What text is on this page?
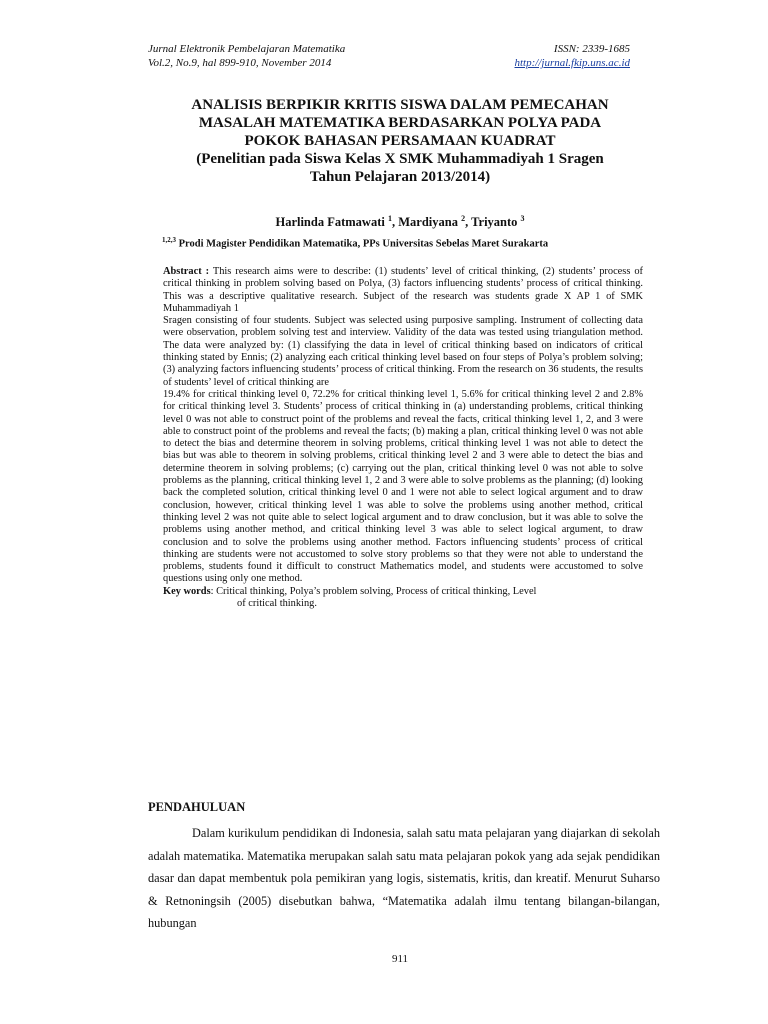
Jurnal Elektronik Pembelajaran Matematika
Vol.2, No.9, hal 899-910, November 2014
ISSN: 2339-1685
http://jurnal.fkip.uns.ac.id
ANALISIS BERPIKIR KRITIS SISWA DALAM PEMECAHAN
MASALAH MATEMATIKA BERDASARKAN POLYA PADA
POKOK BAHASAN PERSAMAAN KUADRAT
(Penelitian pada Siswa Kelas X SMK Muhammadiyah 1 Sragen
Tahun Pelajaran 2013/2014)
Harlinda Fatmawati $^1$, Mardiyana $^2$, Triyanto $^3$
$^{1,2,3}$ Prodi Magister Pendidikan Matematika, PPs Universitas Sebelas Maret Surakarta

Abstract : This research aims were to describe: (1) students’ level of critical thinking, (2) students’ process of critical thinking in problem solving based on Polya, (3) factors influencing students’ process of critical thinking. This was a descriptive qualitative research. Subject of the research was students grade X AP 1 of SMK Muhammadiyah 1

Sragen consisting of four students. Subject was selected using purposive sampling. Instrument of collecting data were observation, problem solving test and interview. Validity of the data was tested using triangulation method. The data were analyzed by: (1) classifying the data in level of critical thinking based on indicators of critical thinking stated by Ennis; (2) analyzing each critical thinking level based on four steps of Polya’s problem solving; (3) analyzing factors influencing students’ process of critical thinking. From the research on 36 students, the results of students’ level of critical thinking are

19.4% for critical thinking level 0, 72.2% for critical thinking level 1, 5.6% for critical thinking level 2 and 2.8% for critical thinking level 3. Students’ process of critical thinking in (a) understanding problems, critical thinking level 0 was not able to construct point of the problems and reveal the facts, critical thinking level 1, 2, and 3 were able to construct point of the problems and reveal the facts; (b) making a plan, critical thinking level 0 was not able to detect the bias and determine theorem in solving problems, critical thinking level 1 was not able to detect the bias but was able to theorem in solving problems, critical thinking level 2 and 3 were able to detect the bias and determine theorem in solving problems; (c) carrying out the plan, critical thinking level 0 was not able to solve problems as the planning, critical thinking level 1, 2 and 3 were able to solve problems as the planning; (d) looking back the completed solution, critical thinking level 0 and 1 were not able to select logical argument and to draw conclusion, however, critical thinking level 1 was able to solve the problems using another method, critical thinking level 2 was not quite able to select logical argument and to draw conclusion, but it was able to solve the problems using another method, and critical thinking level 3 was able to select logical argument, to draw conclusion and to solve the problems using another method. Factors influencing students’ process of critical thinking are students were not accustomed to solve story problems so that they were not able to understand the problems, students found it difficult to construct Mathematics model, and students were accustomed to solve questions using only one method.

Key words: Critical thinking, Polya’s problem solving, Process of critical thinking, Level

of critical thinking.

PENDAHULUAN

Dalam kurikulum pendidikan di Indonesia, salah satu mata pelajaran yang diajarkan di sekolah adalah matematika. Matematika merupakan salah satu mata pelajaran pokok yang ada sejak pendidikan dasar dan dapat membentuk pola pemikiran yang logis, sistematis, kritis, dan kreatif. Menurut Suharso & Retnoningsih (2005) disebutkan bahwa, “Matematika adalah ilmu tentang bilangan-bilangan, hubungan

911
